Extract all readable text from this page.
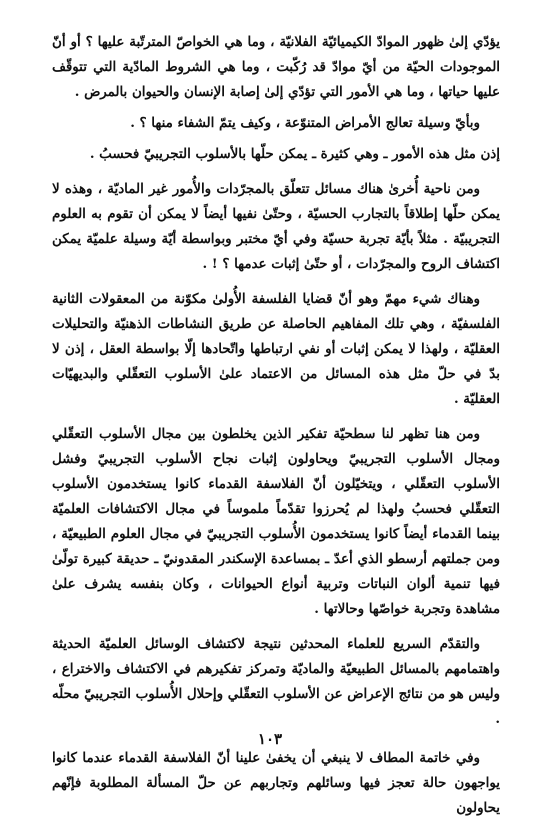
يؤدّي إلىٰ ظهور الموادّ الكيميائيّة الفلانيّة ، وما هي الخواصّ المترتّبة عليها ؟ أو أنّ الموجودات الحيّة من أيّ موادّ قد رُكّبت ، وما هي الشروط المادّية التي تتوقّف عليها حياتها ، وما هي الأمور التي تؤدّي إلىٰ إصابة الإنسان والحيوان بالمرض .

وبأيّ وسيلة تعالج الأمراض المتنوّعة ، وكيف يتمّ الشفاء منها ؟ .

إذن مثل هذه الأمور ـ وهي كثيرة ـ يمكن حلّها بالأسلوب التجريبيّ فحسبُ .

ومن ناحية أُخرىٰ هناك مسائل تتعلّق بالمجرّدات والأُمور غير الماديّة ، وهذه لا يمكن حلّها إطلاقاً بالتجارب الحسيّة ، وحتّىٰ نفيها أيضاً لا يمكن أن تقوم به العلوم التجريبيّة . مثلاً بأيّة تجربة حسيّة وفي أيّ مختبر وبواسطة أيّة وسيلة علميّة يمكن اكتشاف الروح والمجرّدات ، أو حتّىٰ إثبات عدمها ؟ ! .

وهناك شيء مهمّ وهو أنّ قضايا الفلسفة الأُولىٰ مكوّنة من المعقولات الثانية الفلسفيّة ، وهي تلك المفاهيم الحاصلة عن طريق النشاطات الذهنيّة والتحليلات العقليّة ، ولهذا لا يمكن إثبات أو نفي ارتباطها واتّحادها إلّا بواسطة العقل ، إذن لا بدّ في حلّ مثل هذه المسائل من الاعتماد علىٰ الأسلوب التعقّلي والبديهيّات العقليّة .

ومن هنا تظهر لنا سطحيّة تفكير الذين يخلطون بين مجال الأسلوب التعقّلي ومجال الأسلوب التجريبيّ ويحاولون إثبات نجاح الأسلوب التجريبيّ وفشل الأسلوب التعقّلي ، ويتخيّلون أنّ الفلاسفة القدماء كانوا يستخدمون الأسلوب التعقّلي فحسبُ ولهذا لم يُحرزوا تقدّماً ملموساً في مجال الاكتشافات العلميّة بينما القدماء أيضاً كانوا يستخدمون الأُسلوب التجريبيّ في مجال العلوم الطبيعيّة ، ومن جملتهم أرسطو الذي أعدّ ـ بمساعدة الإسكندر المقدونيّ ـ حديقة كبيرة تولّىٰ فيها تنمية ألوان النباتات وتربية أنواع الحيوانات ، وكان بنفسه يشرف علىٰ مشاهدة وتجربة خواصّها وحالاتها .

والتقدّم السريع للعلماء المحدثين نتيجة لاكتشاف الوسائل العلميّة الحديثة واهتمامهم بالمسائل الطبيعيّة والماديّة وتمركز تفكيرهم في الاكتشاف والاختراع ، وليس هو من نتائج الإعراض عن الأسلوب التعقّلي وإحلال الأُسلوب التجريبيّ محلّه .

وفي خاتمة المطاف لا ينبغي أن يخفىٰ علينا أنّ الفلاسفة القدماء عندما كانوا يواجهون حالة تعجز فيها وسائلهم وتجاربهم عن حلّ المسألة المطلوبة فإنّهم يحاولون

١٠٣
